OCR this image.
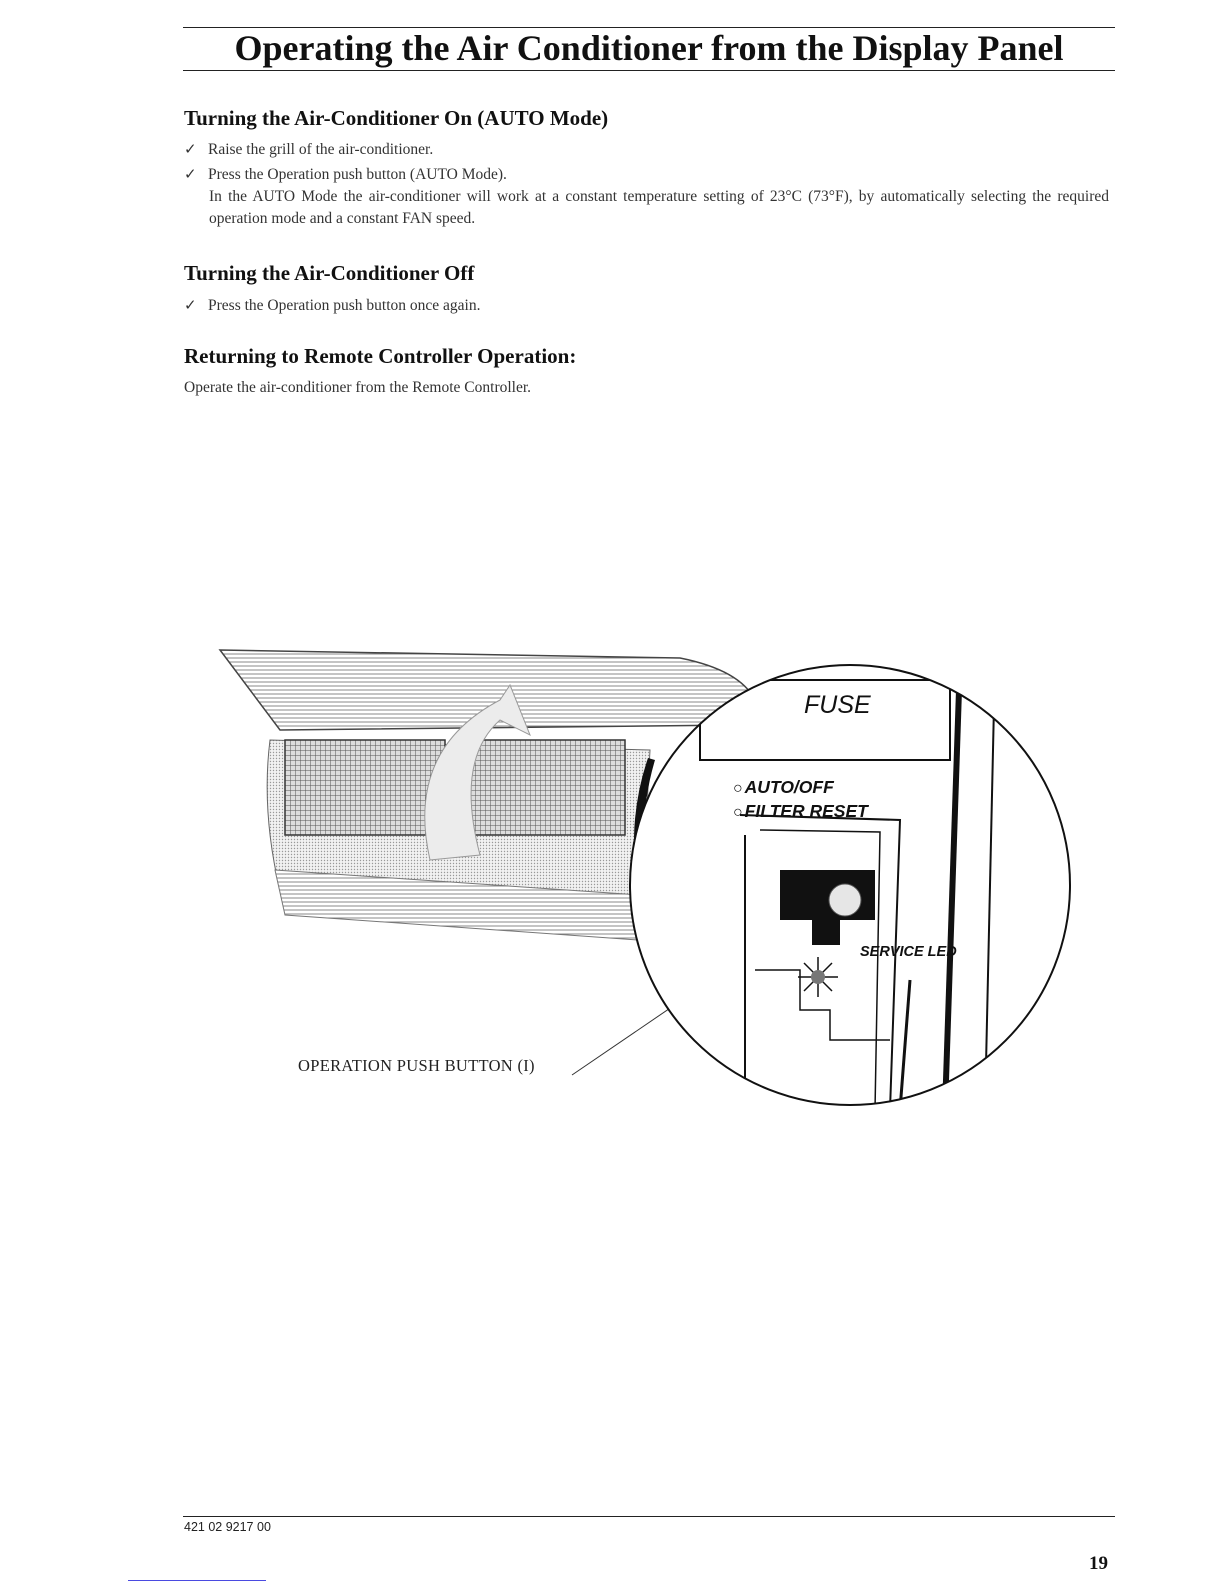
Operating the Air Conditioner from the Display Panel
Turning the Air-Conditioner On (AUTO Mode)
✓ Raise the grill of the air-conditioner.
✓ Press the Operation push button (AUTO Mode).
In the AUTO Mode the air-conditioner will work at a constant temperature setting of 23°C (73°F), by automatically selecting the required operation mode and a constant FAN speed.
Turning the Air-Conditioner Off
✓ Press the Operation push button once again.
Returning to Remote Controller Operation:
Operate the air-conditioner from the Remote Controller.
OPERATION PUSH BUTTON (I)
FUSE
○ AUTO/OFF
○ FILTER RESET
SERVICE LED
421 02 9217 00
19
